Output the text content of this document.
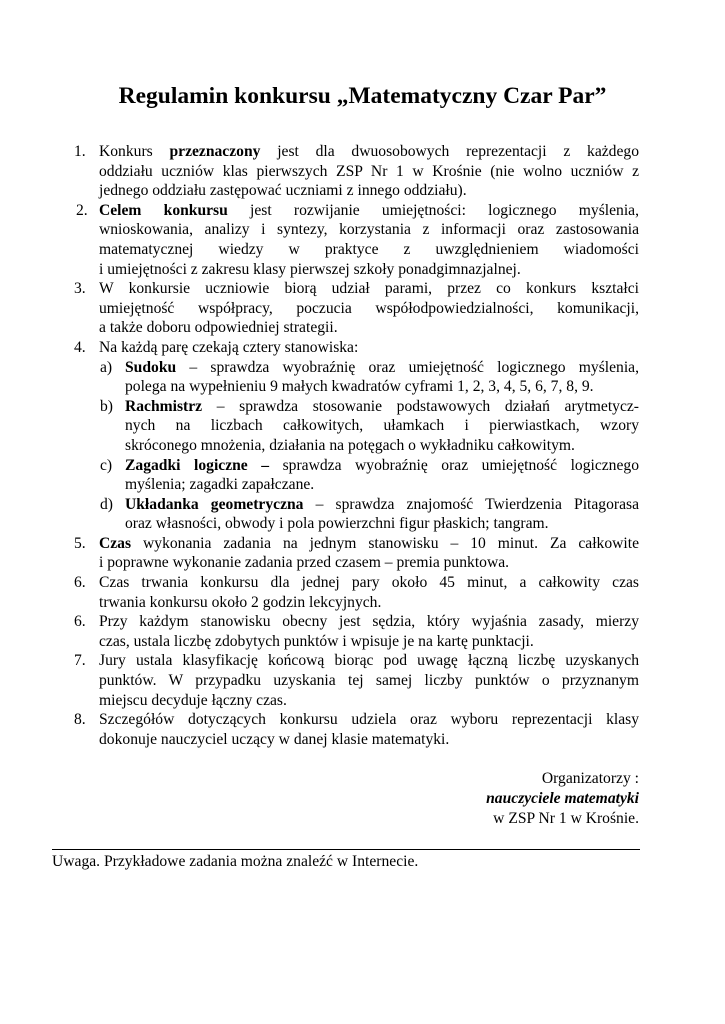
Regulamin konkursu „Matematyczny Czar Par”
1. Konkurs przeznaczony jest dla dwuosobowych reprezentacji z każdego
oddziału uczniów klas pierwszych ZSP Nr 1 w Krośnie (nie wolno uczniów z
jednego oddziału zastępować uczniami z innego oddziału).
2. Celem konkursu jest rozwijanie umiejętności: logicznego myślenia,
wnioskowania, analizy i syntezy, korzystania z informacji oraz zastosowania
matematycznej wiedzy w praktyce z uwzględnieniem wiadomości
i umiejętności z zakresu klasy pierwszej szkoły ponadgimnazjalnej.
3. W konkursie uczniowie biorą udział parami, przez co konkurs kształci
umiejętność współpracy, poczucia współodpowiedzialności, komunikacji,
a także doboru odpowiedniej strategii.
4. Na każdą parę czekają cztery stanowiska:
a) Sudoku – sprawdza wyobraźnię oraz umiejętność logicznego myślenia,
polega na wypełnieniu 9 małych kwadratów cyframi 1, 2, 3, 4, 5, 6, 7, 8, 9.
b) Rachmistrz – sprawdza stosowanie podstawowych działań arytmetycz-
nych na liczbach całkowitych, ułamkach i pierwiastkach, wzory
skróconego mnożenia, działania na potęgach o wykładniku całkowitym.
c) Zagadki logiczne – sprawdza wyobraźnię oraz umiejętność logicznego
myślenia; zagadki zapałczane.
d) Układanka geometryczna – sprawdza znajomość Twierdzenia Pitagorasa
oraz własności, obwody i pola powierzchni figur płaskich; tangram.
5. Czas wykonania zadania na jednym stanowisku – 10 minut. Za całkowite
i poprawne wykonanie zadania przed czasem – premia punktowa.
6. Czas trwania konkursu dla jednej pary około 45 minut, a całkowity czas
trwania konkursu około 2 godzin lekcyjnych.
6. Przy każdym stanowisku obecny jest sędzia, który wyjaśnia zasady, mierzy
czas, ustala liczbę zdobytych punktów i wpisuje je na kartę punktacji.
7. Jury ustala klasyfikację końcową biorąc pod uwagę łączną liczbę uzyskanych
punktów. W przypadku uzyskania tej samej liczby punktów o przyznanym
miejscu decyduje łączny czas.
8. Szczegółów dotyczących konkursu udziela oraz wyboru reprezentacji klasy
dokonuje nauczyciel uczący w danej klasie matematyki.
Organizatorzy :
nauczyciele matematyki
w ZSP Nr 1 w Krośnie.
Uwaga. Przykładowe zadania można znaleźć w Internecie.
